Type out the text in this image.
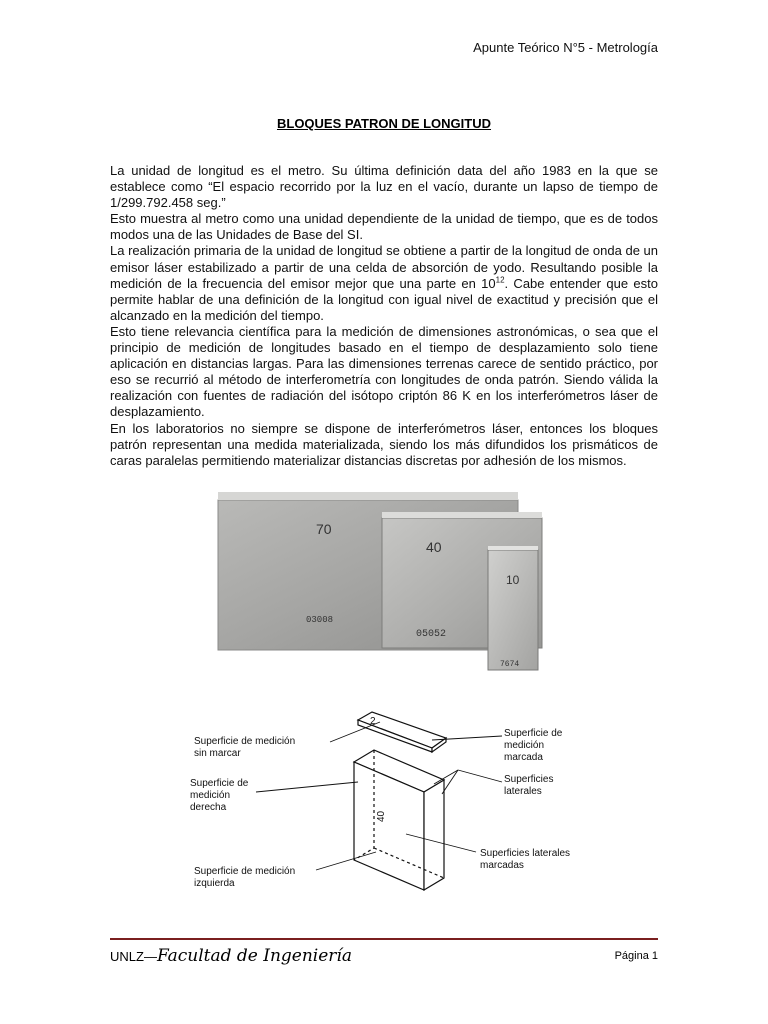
Apunte Teórico N°5 - Metrología
BLOQUES PATRON DE LONGITUD

La unidad de longitud es el metro. Su última definición data del año 1983 en la que se establece como “El espacio recorrido por la luz en el vacío, durante un lapso de tiempo de 1/299.792.458 seg.”

Esto muestra al metro como una unidad dependiente de la unidad de tiempo, que es de todos modos una de las Unidades de Base del SI.

La realización primaria de la unidad de longitud se obtiene a partir de la longitud de onda de un emisor láser estabilizado a partir de una celda de absorción de yodo. Resultando posible la medición de la frecuencia del emisor mejor que una parte en $10^{12}$. Cabe entender que esto permite hablar de una definición de la longitud con igual nivel de exactitud y precisión que el alcanzado en la medición del tiempo.

Esto tiene relevancia científica para la medición de dimensiones astronómicas, o sea que el principio de medición de longitudes basado en el tiempo de desplazamiento solo tiene aplicación en distancias largas. Para las dimensiones terrenas carece de sentido práctico, por eso se recurrió al método de interferometría con longitudes de onda patrón. Siendo válida la realización con fuentes de radiación del isótopo criptón 86 K en los interferómetros láser de desplazamiento.

En los laboratorios no siempre se dispone de interferómetros láser, entonces los bloques patrón representan una medida materializada, siendo los más difundidos los prismáticos de caras paralelas permitiendo materializar distancias discretas por adhesión de los mismos.

70
03008
40
05052
10
7674
2
40
Superficie de medición
sin marcar
Superficie de
medición
derecha
Superficie de medición
izquierda
Superficie de
medición
marcada
Superficies
laterales
Superficies laterales
marcadas
UNLZ—Facultad de Ingeniería	Página 1
